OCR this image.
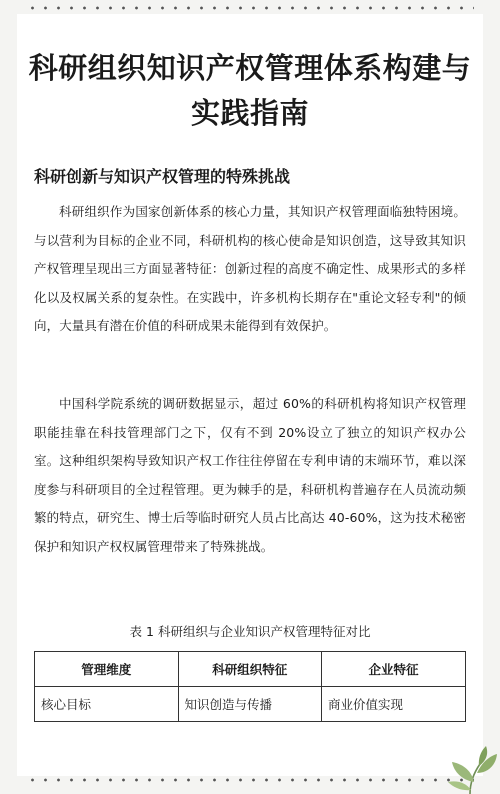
科研组织知识产权管理体系构建与实践指南
科研创新与知识产权管理的特殊挑战

科研组织作为国家创新体系的核心力量，其知识产权管理面临独特困境。与以营利为目标的企业不同，科研机构的核心使命是知识创造，这导致其知识产权管理呈现出三方面显著特征：创新过程的高度不确定性、成果形式的多样化以及权属关系的复杂性。在实践中，许多机构长期存在"重论文轻专利"的倾向，大量具有潜在价值的科研成果未能得到有效保护。

中国科学院系统的调研数据显示，超过 60%的科研机构将知识产权管理职能挂靠在科技管理部门之下，仅有不到 20%设立了独立的知识产权办公室。这种组织架构导致知识产权工作往往停留在专利申请的末端环节，难以深度参与科研项目的全过程管理。更为棘手的是，科研机构普遍存在人员流动频繁的特点，研究生、博士后等临时研究人员占比高达 40-60%，这为技术秘密保护和知识产权权属管理带来了特殊挑战。

表 1 科研组织与企业知识产权管理特征对比
管理维度	科研组织特征	企业特征
核心目标	知识创造与传播	商业价值实现
